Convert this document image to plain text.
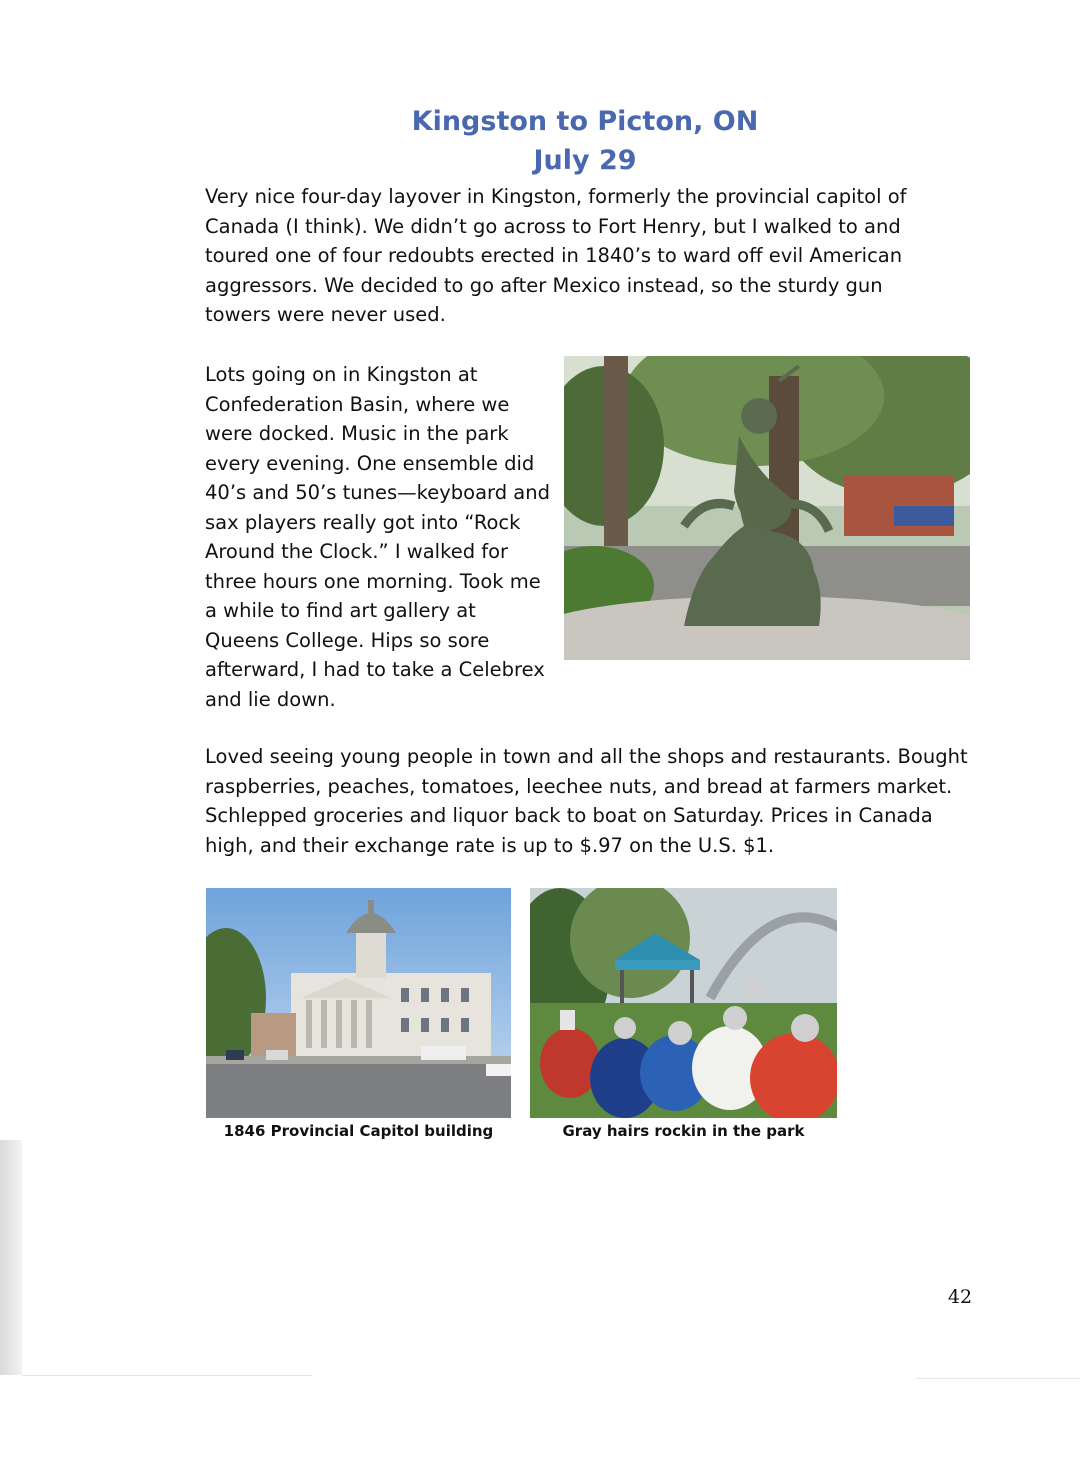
Kingston to Picton, ON
July 29

Very nice four-day layover in Kingston, formerly the provincial capitol of Canada (I think). We didn’t go across to Fort Henry, but I walked to and toured one of four redoubts erected in 1840’s to ward off evil American aggressors. We decided to go after Mexico instead, so the sturdy gun towers were never used.

Lots going on in Kingston at Confederation Basin, where we were docked. Music in the park every evening. One ensemble did 40’s and 50’s tunes—keyboard and sax players really got into “Rock Around the Clock.” I walked for three hours one morning. Took me a while to find art gallery at Queens College. Hips so sore afterward, I had to take a Celebrex and lie down.

Loved seeing young people in town and all the shops and restaurants. Bought raspberries, peaches, tomatoes, leechee nuts, and bread at farmers market. Schlepped groceries and liquor back to boat on Saturday. Prices in Canada high, and their exchange rate is up to $.97 on the U.S. $1.

1846 Provincial Capitol building	Gray hairs rockin in the park

42
